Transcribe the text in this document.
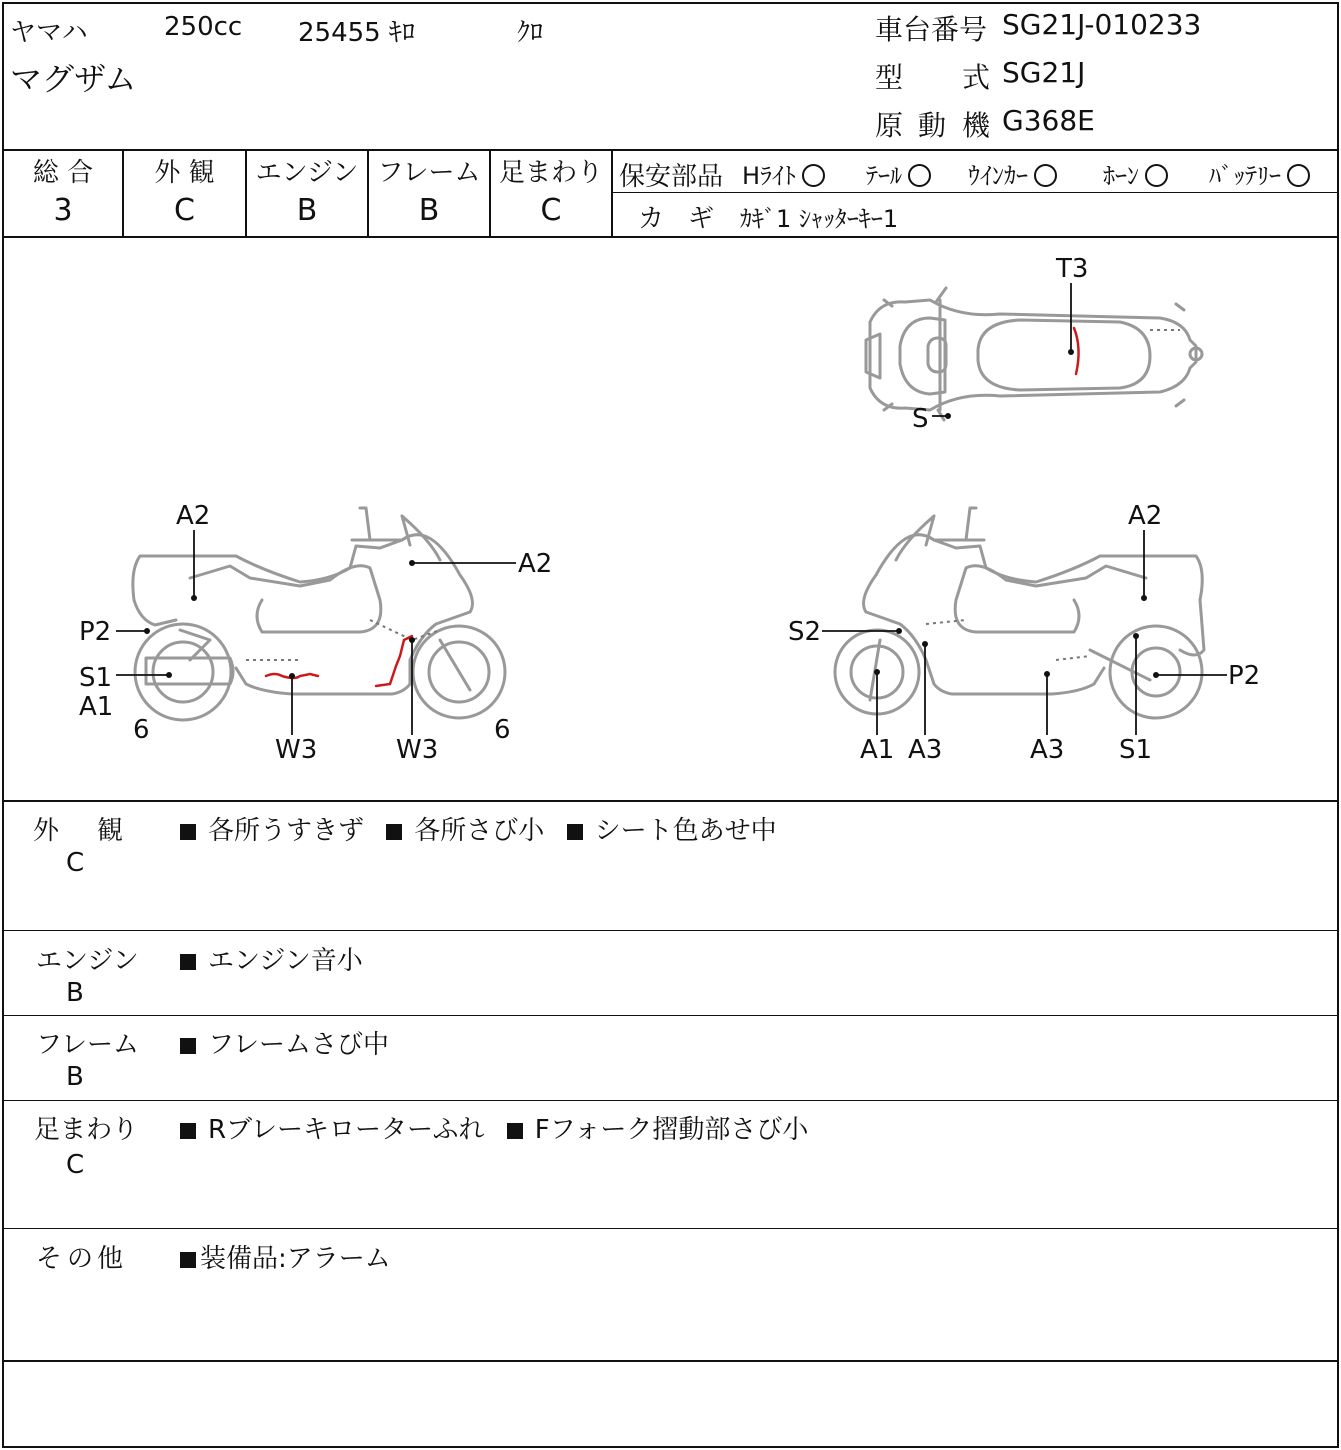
ヤマハ	250cc 25455 ｷﾛ	ｸﾛ
マグザム
車台番号 SG21J-010233
型 式 SG21J
原 動 機 G368E
総 合
3
外 観
C
エンジン
B
フレーム
B
足まわり
C
保安部品 Hﾗｲﾄ	ﾃｰﾙ	ｳｲﾝｶｰ	ﾎｰﾝ	ﾊﾞｯﾃﾘｰ
カ ギ ｶｷﾞ1 ｼｬｯﾀｰｷｰ1
T3
S
A2
A2
P2
S1
A1
6
W3	W3
6
A2
S2
P2
A1 A3	A3 S1
外 観
C
各所うすきず 各所さび小 シート色あせ中
エンジン
B
エンジン音小
フレーム
B
フレームさび中
足まわり
C
Rブレーキローターふれ Fフォーク摺動部さび小
そ の 他	装備品:アラーム
